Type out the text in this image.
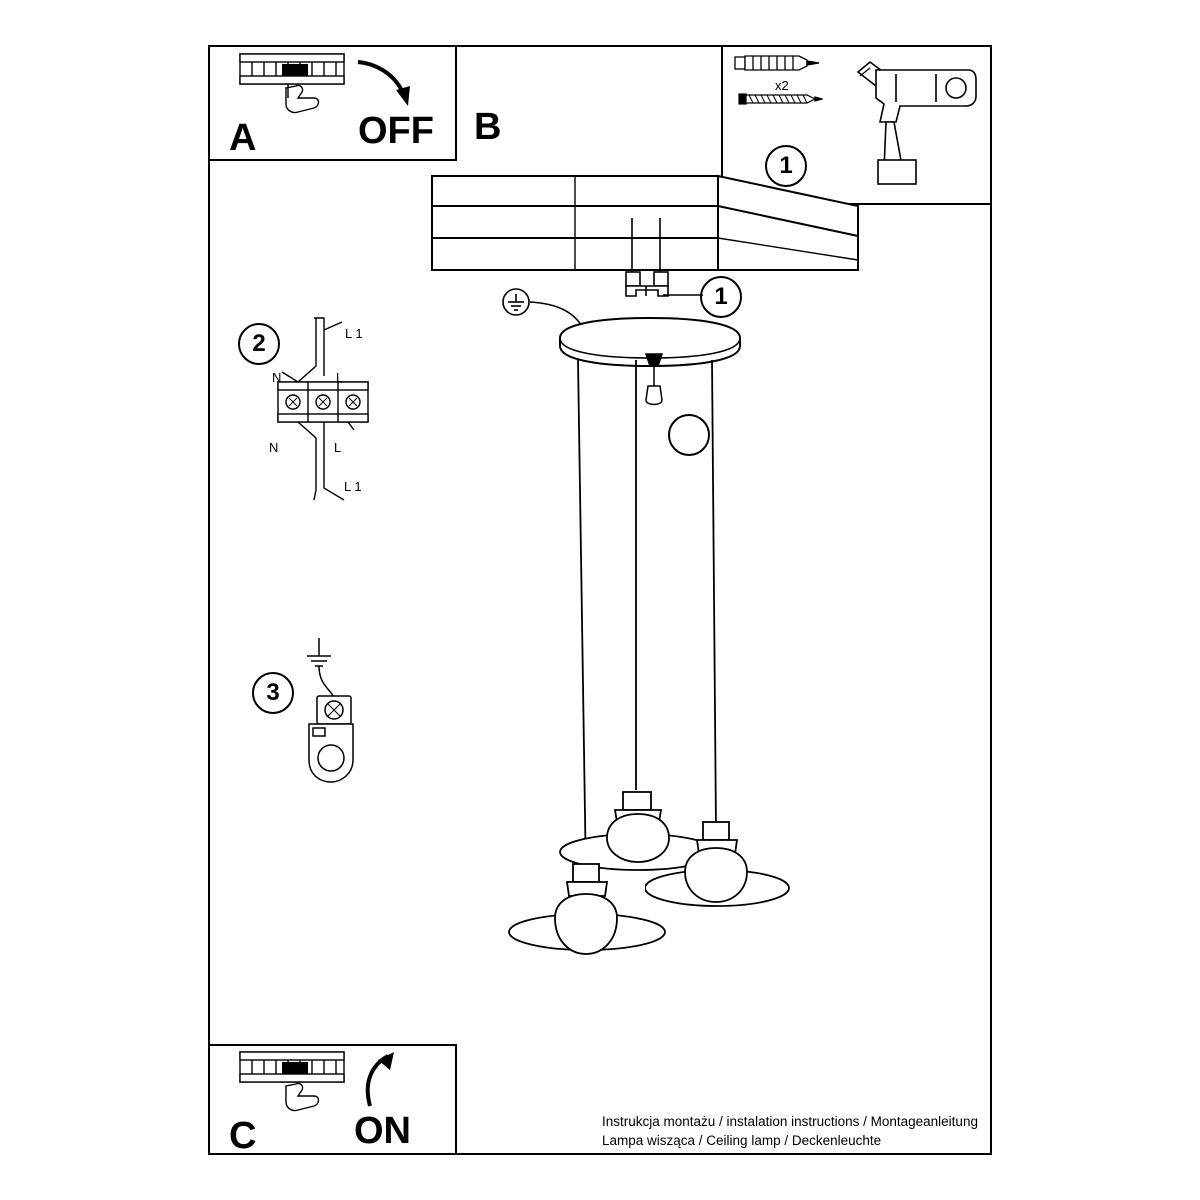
A	OFF B
1
x2
2	L 1
N	L
N	L
L 1
3
1
C	ON	Instrukcja montażu / instalation instructions / Montageanleitung
Lampa wisząca / Ceiling lamp / Deckenleuchte
